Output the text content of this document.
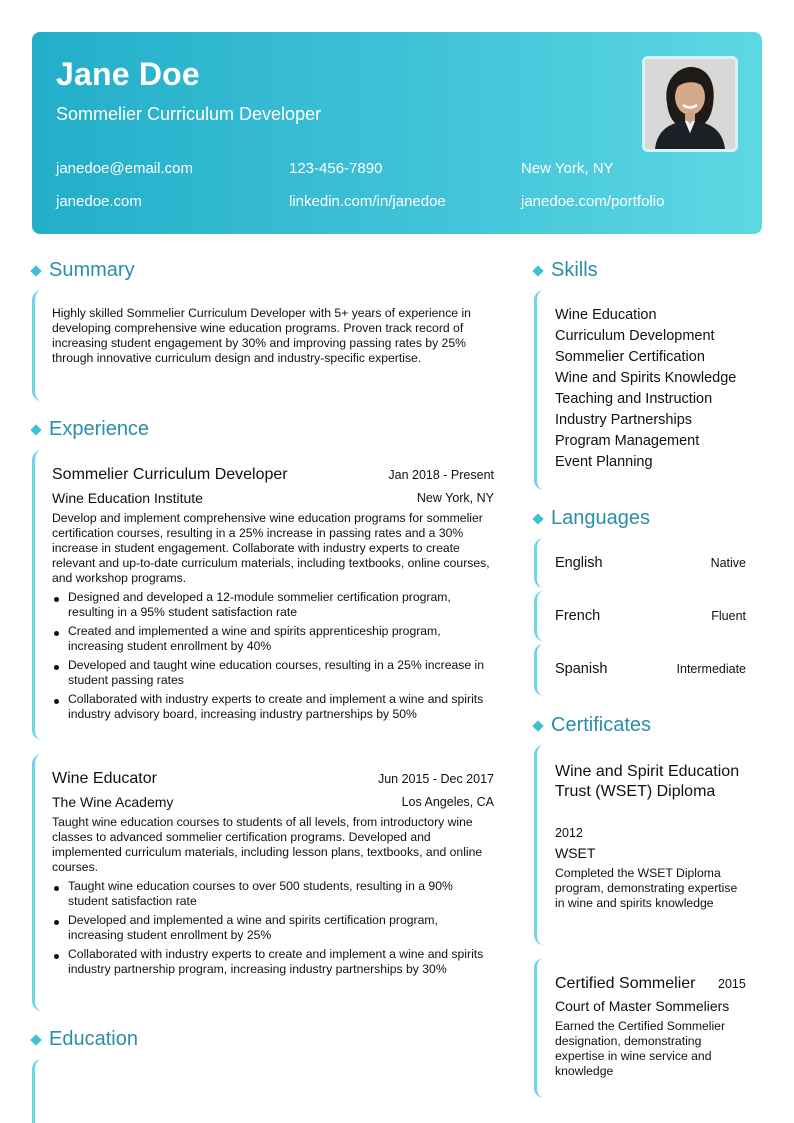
Jane Doe
Sommelier Curriculum Developer
janedoe@email.com	123-456-7890	New York, NY
janedoe.com	linkedin.com/in/janedoe	janedoe.com/portfolio
Summary
Highly skilled Sommelier Curriculum Developer with 5+ years of experience in developing comprehensive wine education programs. Proven track record of increasing student engagement by 30% and improving passing rates by 25% through innovative curriculum design and industry-specific expertise.
Experience
Sommelier Curriculum Developer	Jan 2018 - Present
Wine Education Institute	New York, NY
Develop and implement comprehensive wine education programs for sommelier certification courses, resulting in a 25% increase in passing rates and a 30% increase in student engagement. Collaborate with industry experts to create relevant and up-to-date curriculum materials, including textbooks, online courses, and workshop programs.
Designed and developed a 12-module sommelier certification program, resulting in a 95% student satisfaction rate
Created and implemented a wine and spirits apprenticeship program, increasing student enrollment by 40%
Developed and taught wine education courses, resulting in a 25% increase in student passing rates
Collaborated with industry experts to create and implement a wine and spirits industry advisory board, increasing industry partnerships by 50%
Wine Educator	Jun 2015 - Dec 2017
The Wine Academy	Los Angeles, CA
Taught wine education courses to students of all levels, from introductory wine classes to advanced sommelier certification programs. Developed and implemented curriculum materials, including lesson plans, textbooks, and online courses.
Taught wine education courses to over 500 students, resulting in a 90% student satisfaction rate
Developed and implemented a wine and spirits certification program, increasing student enrollment by 25%
Collaborated with industry experts to create and implement a wine and spirits industry partnership program, increasing industry partnerships by 30%
Education
Skills
Wine Education
Curriculum Development
Sommelier Certification
Wine and Spirits Knowledge
Teaching and Instruction
Industry Partnerships
Program Management
Event Planning
Languages
English	Native
French	Fluent
Spanish	Intermediate
Certificates
Wine and Spirit Education Trust (WSET) Diploma
2012
WSET
Completed the WSET Diploma program, demonstrating expertise in wine and spirits knowledge
Certified Sommelier	2015
Court of Master Sommeliers
Earned the Certified Sommelier designation, demonstrating expertise in wine service and knowledge
